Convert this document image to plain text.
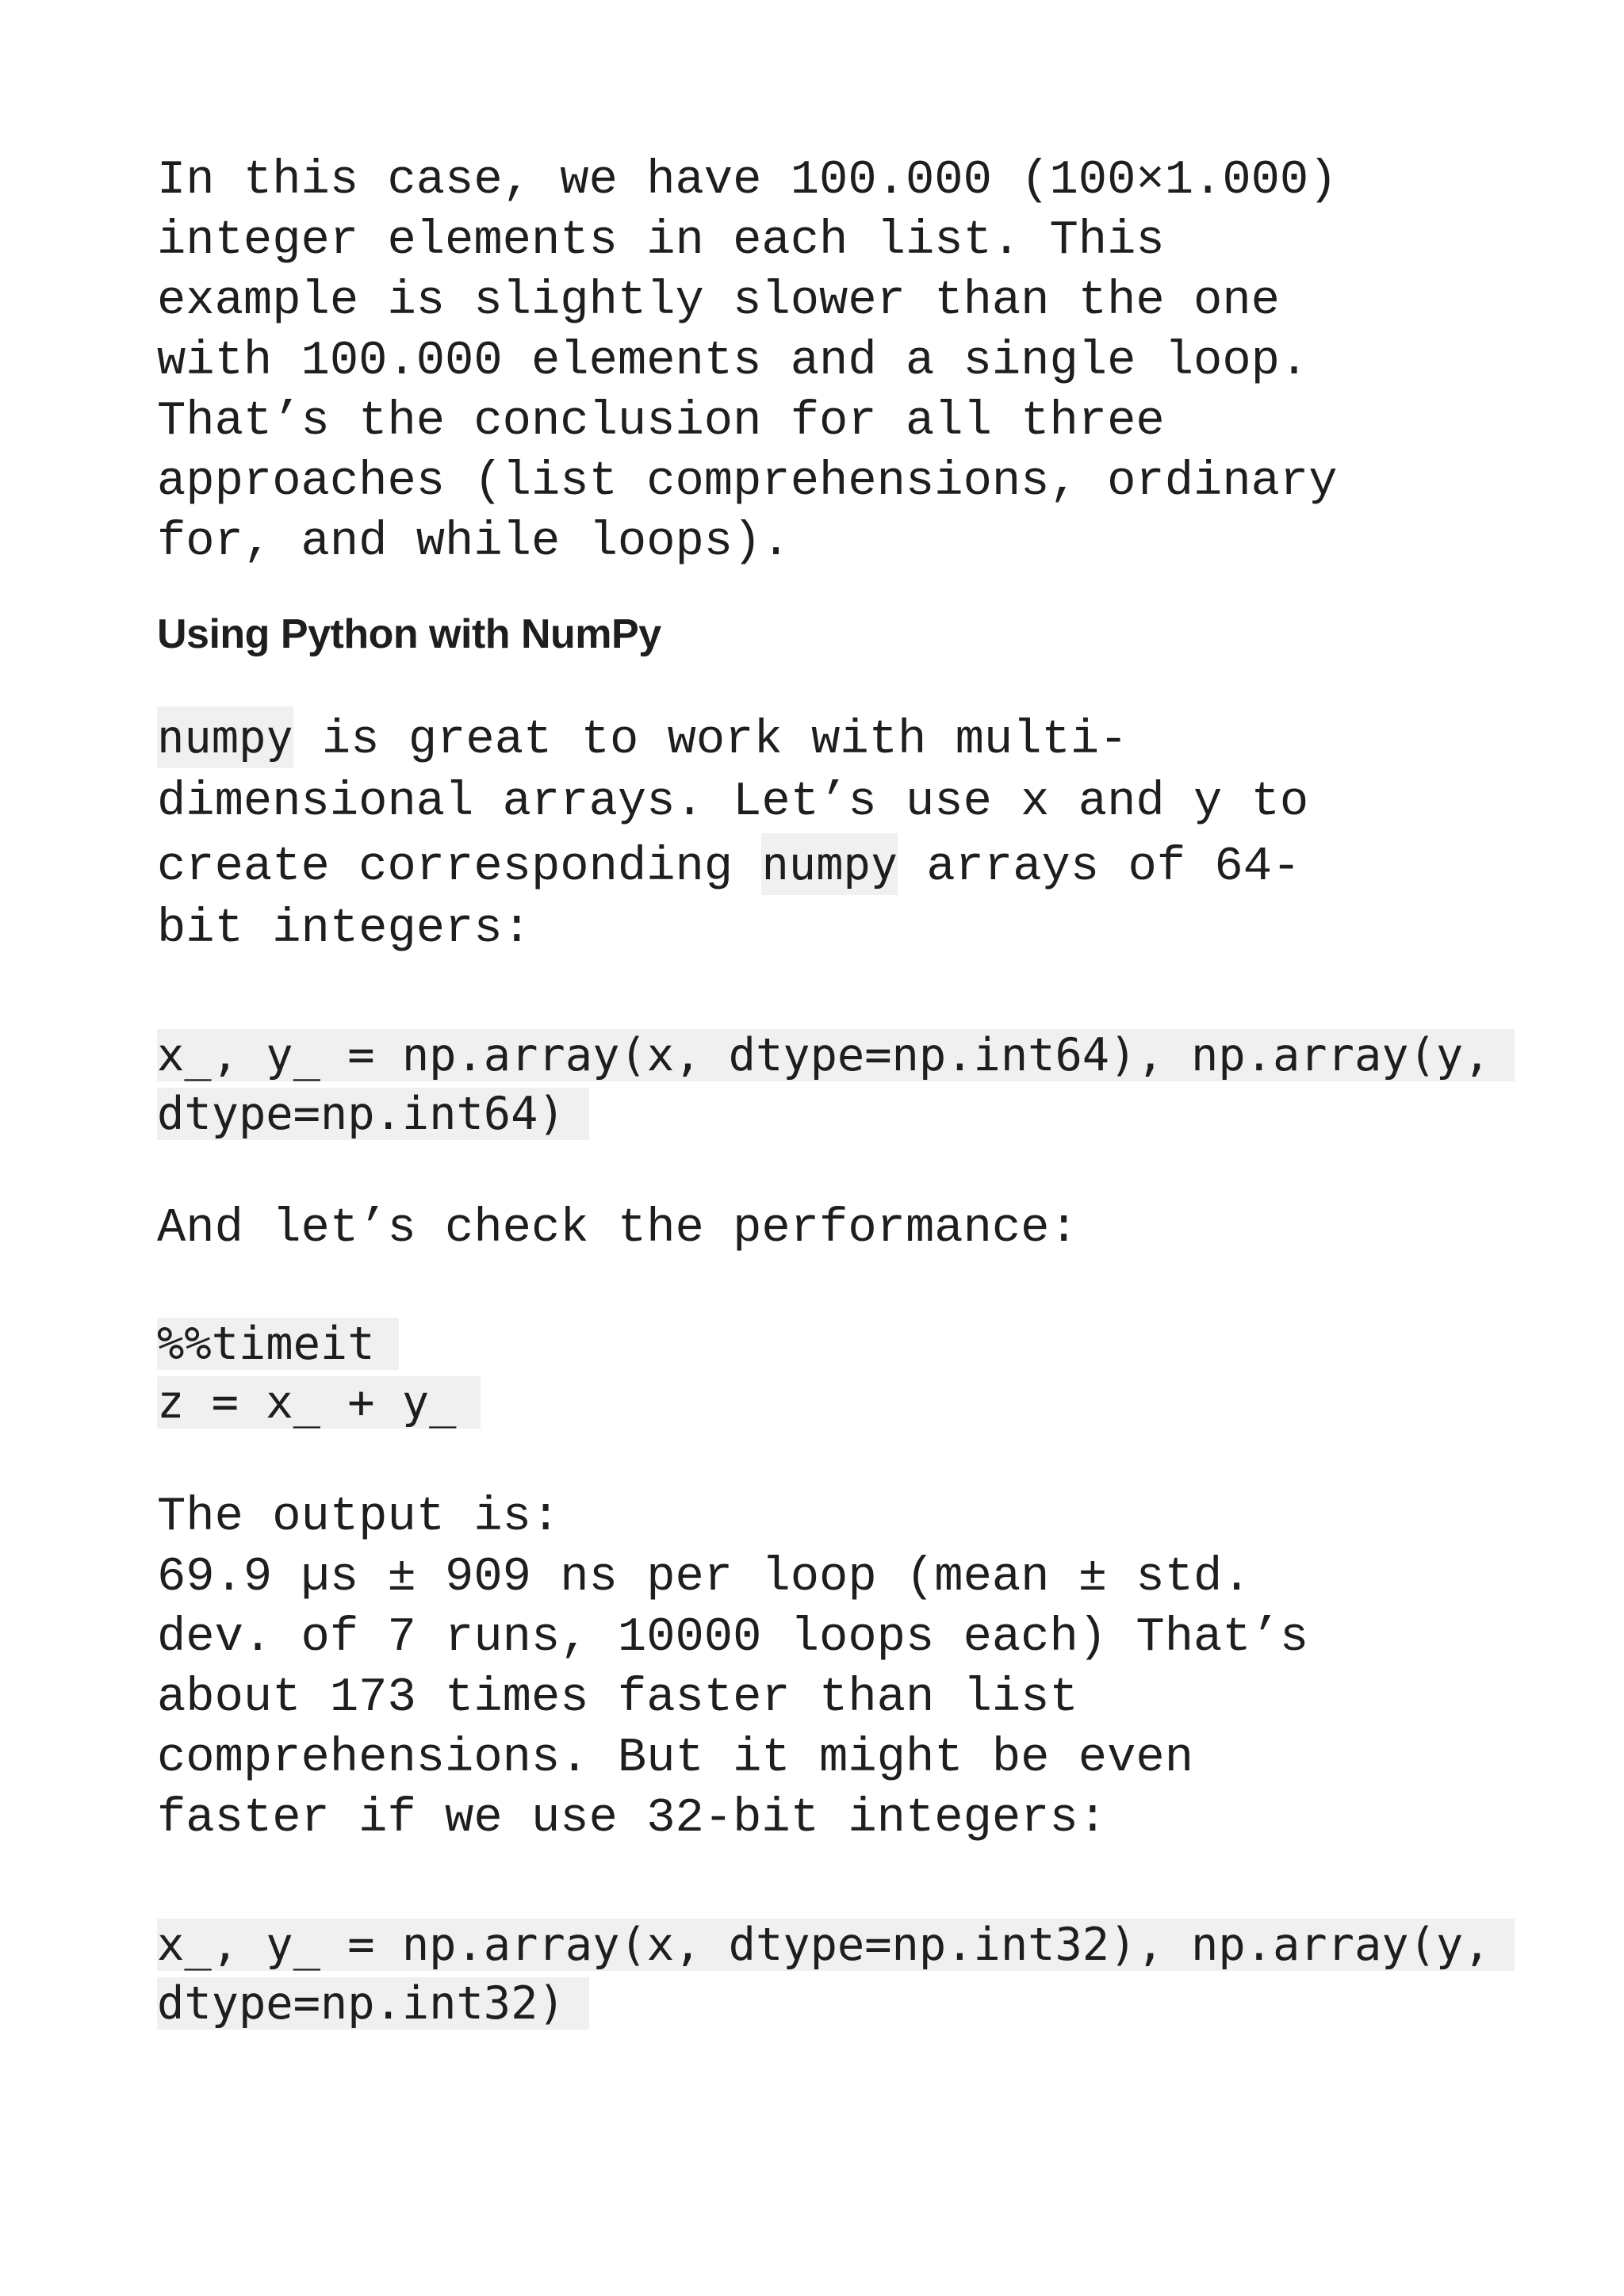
In this case, we have 100.000 (100×1.000)

integer elements in each list. This

example is slightly slower than the one

with 100.000 elements and a single loop.

That’s the conclusion for all three

approaches (list comprehensions, ordinary

for, and while loops).

Using Python with NumPy

numpy is great to work with multi-

dimensional arrays. Let’s use x and y to

create corresponding numpy arrays of 64-

bit integers:

x_, y_ = np.array(x, dtype=np.int64), np.array(y,
dtype=np.int64)

And let’s check the performance:

%%timeit
z = x_ + y_

The output is:

69.9 µs ± 909 ns per loop (mean ± std.

dev. of 7 runs, 10000 loops each) That’s

about 173 times faster than list

comprehensions. But it might be even

faster if we use 32-bit integers:

x_, y_ = np.array(x, dtype=np.int32), np.array(y,
dtype=np.int32)
